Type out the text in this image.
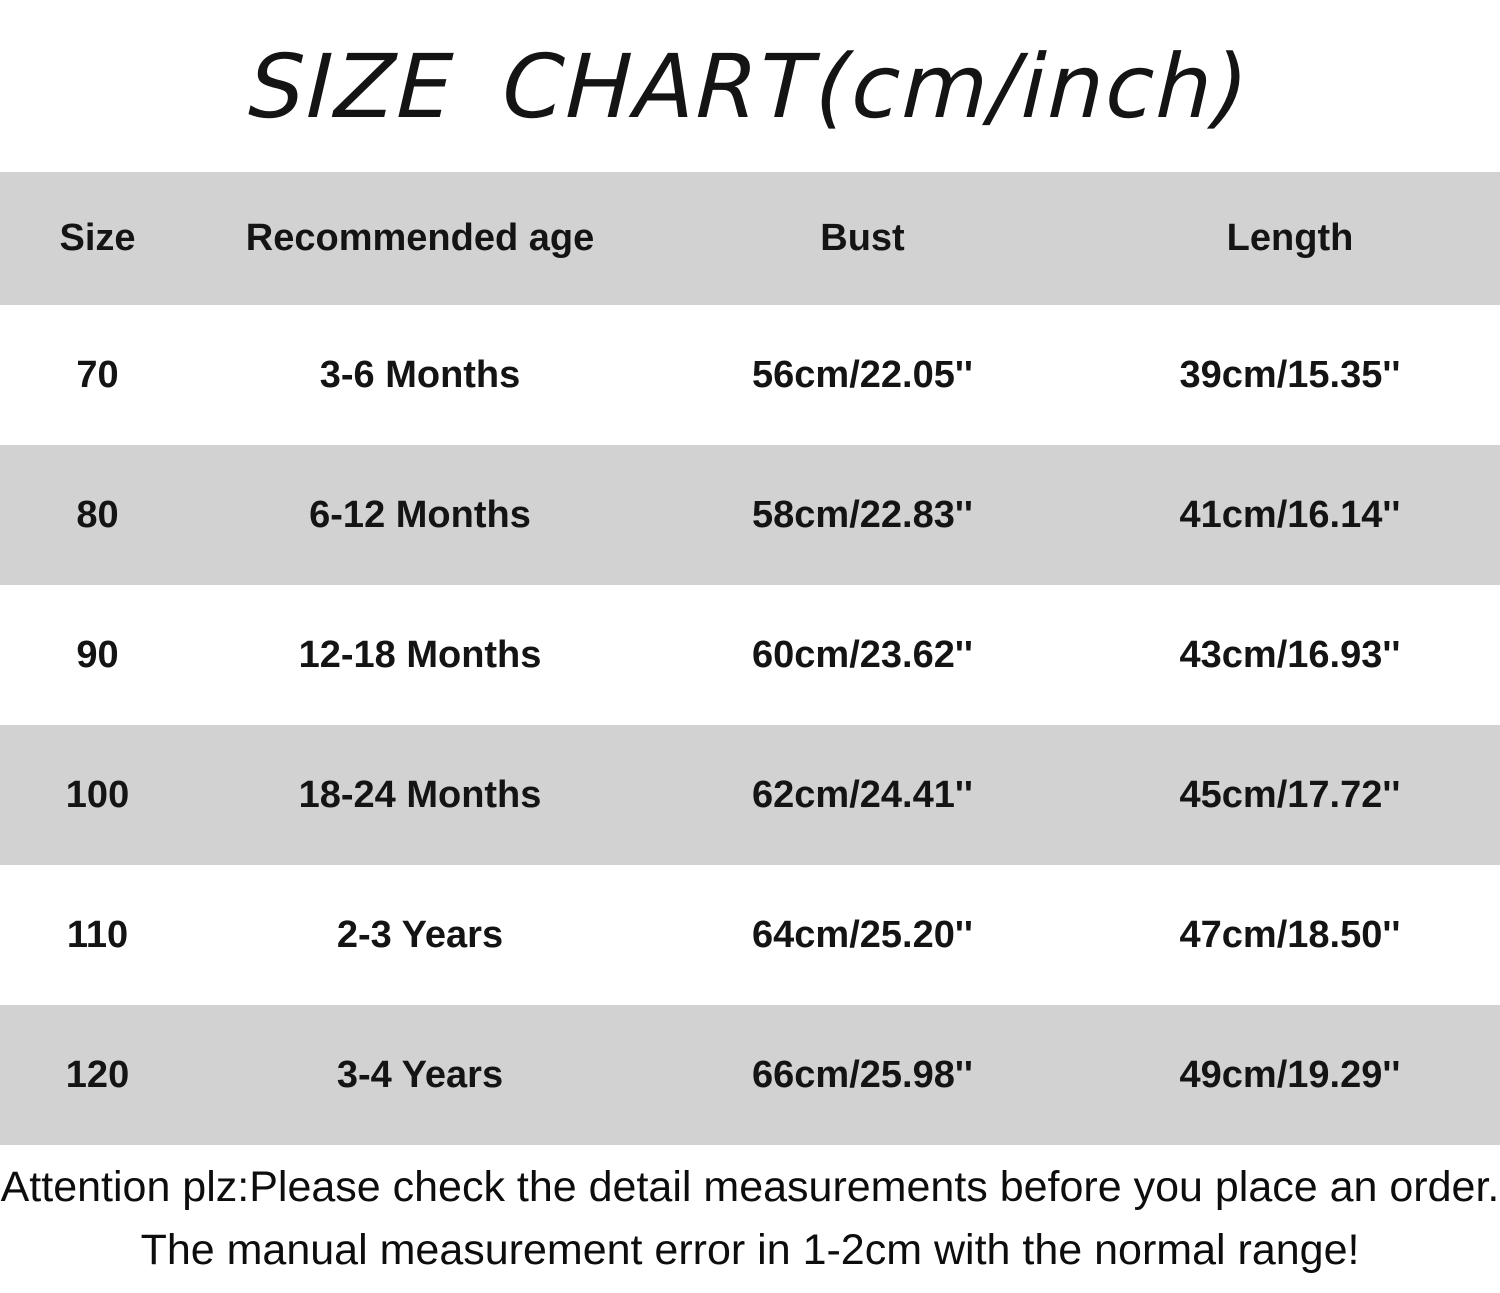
SIZE CHART(cm/inch)
Size	Recommended age	Bust	Length
70	3-6 Months	56cm/22.05''	39cm/15.35''
80	6-12 Months	58cm/22.83''	41cm/16.14''
90	12-18 Months	60cm/23.62''	43cm/16.93''
100	18-24 Months	62cm/24.41''	45cm/17.72''
110	2-3 Years	64cm/25.20''	47cm/18.50''
120	3-4 Years	66cm/25.98''	49cm/19.29''
Attention plz:Please check the detail measurements before you place an order.
The manual measurement error in 1-2cm with the normal range!
